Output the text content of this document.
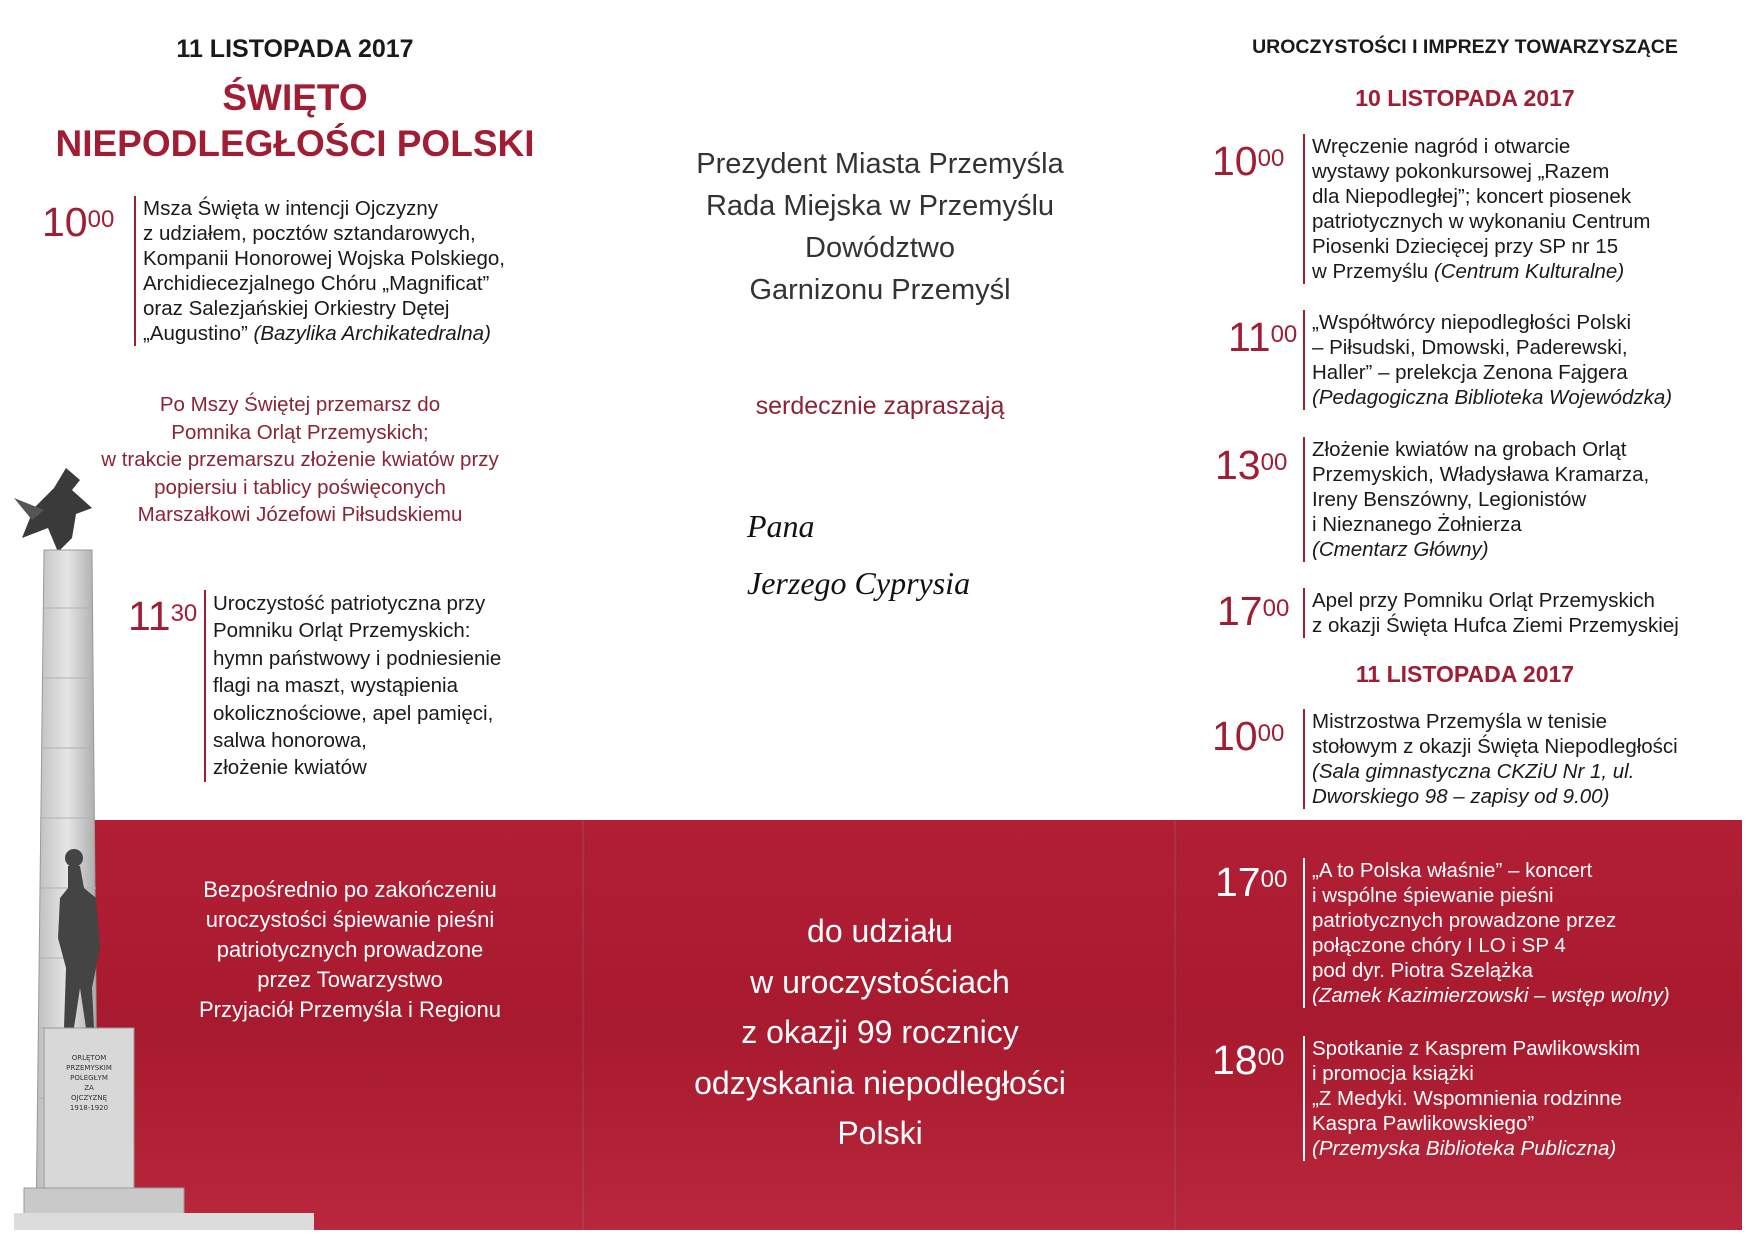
ORLĘTOM
PRZEMYSKIM
POLEGŁYM
ZA
OJCZYZNĘ
1918-1920
11 LISTOPADA 2017
ŚWIĘTO
NIEPODLEGŁOŚCI POLSKI
$10^{00}$ Msza Święta w intencji Ojczyzny
z udziałem, pocztów sztandarowych,
Kompanii Honorowej Wojska Polskiego,
Archidiecezjalnego Chóru „Magnificat”
oraz Salezjańskiej Orkiestry Dętej
„Augustino” (Bazylika Archikatedralna)
Po Mszy Świętej przemarsz do
Pomnika Orląt Przemyskich;
w trakcie przemarszu złożenie kwiatów przy
popiersiu i tablicy poświęconych
Marszałkowi Józefowi Piłsudskiemu
$11^{30}$ Uroczystość patriotyczna przy
Pomniku Orląt Przemyskich:
hymn państwowy i podniesienie
flagi na maszt, wystąpienia
okolicznościowe, apel pamięci,
salwa honorowa,
złożenie kwiatów
Bezpośrednio po zakończeniu
uroczystości śpiewanie pieśni
patriotycznych prowadzone
przez Towarzystwo
Przyjaciół Przemyśla i Regionu
Prezydent Miasta Przemyśla
Rada Miejska w Przemyślu
Dowództwo
Garnizonu Przemyśl
serdecznie zapraszają
Pana
Jerzego Cyprysia
do udziału
w uroczystościach
z okazji 99 rocznicy
odzyskania niepodległości
Polski
UROCZYSTOŚCI I IMPREZY TOWARZYSZĄCE
10 LISTOPADA 2017
$10^{00}$ Wręczenie nagród i otwarcie
wystawy pokonkursowej „Razem
dla Niepodległej”; koncert piosenek
patriotycznych w wykonaniu Centrum
Piosenki Dziecięcej przy SP nr 15
w Przemyślu (Centrum Kulturalne)
$11^{00}$ „Współtwórcy niepodległości Polski
– Piłsudski, Dmowski, Paderewski,
Haller” – prelekcja Zenona Fajgera
(Pedagogiczna Biblioteka Wojewódzka)
$13^{00}$ Złożenie kwiatów na grobach Orląt
Przemyskich, Władysława Kramarza,
Ireny Benszówny, Legionistów
i Nieznanego Żołnierza
(Cmentarz Główny)
$17^{00}$ Apel przy Pomniku Orląt Przemyskich
z okazji Święta Hufca Ziemi Przemyskiej
11 LISTOPADA 2017
$10^{00}$ Mistrzostwa Przemyśla w tenisie
stołowym z okazji Święta Niepodległości
(Sala gimnastyczna CKZiU Nr 1, ul.
Dworskiego 98 – zapisy od 9.00)
$17^{00}$ „A to Polska właśnie” – koncert
i wspólne śpiewanie pieśni
patriotycznych prowadzone przez
połączone chóry I LO i SP 4
pod dyr. Piotra Szelążka
(Zamek Kazimierzowski – wstęp wolny)
$18^{00}$ Spotkanie z Kasprem Pawlikowskim
i promocja książki
„Z Medyki. Wspomnienia rodzinne
Kaspra Pawlikowskiego”
(Przemyska Biblioteka Publiczna)
